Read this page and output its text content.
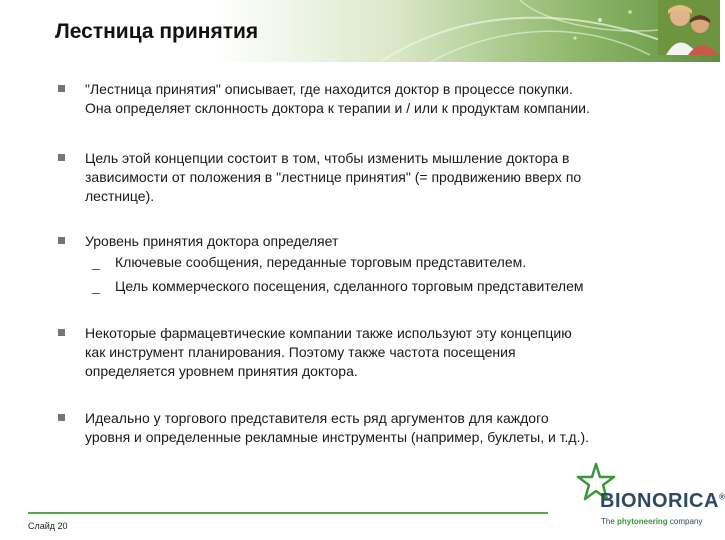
Лестница принятия
"Лестница принятия" описывает, где находится доктор в процессе покупки.
Она определяет склонность доктора к терапии и / или к продуктам компании.
Цель этой концепции состоит в том, чтобы изменить мышление доктора в
зависимости от положения в "лестнице принятия" (= продвижению вверх по
лестнице).
Уровень принятия доктора определяет
_ Ключевые сообщения, переданные торговым представителем.
_ Цель коммерческого посещения, сделанного торговым представителем
Некоторые фармацевтические компании также используют эту концепцию
как инструмент планирования. Поэтому также частота посещения
определяется уровнем принятия доктора.
Идеально у торгового представителя есть ряд аргументов для каждого
уровня и определенные рекламные инструменты (например, буклеты, и т.д.).
Слайд 20
BIONORICA®
The phytoneering company
